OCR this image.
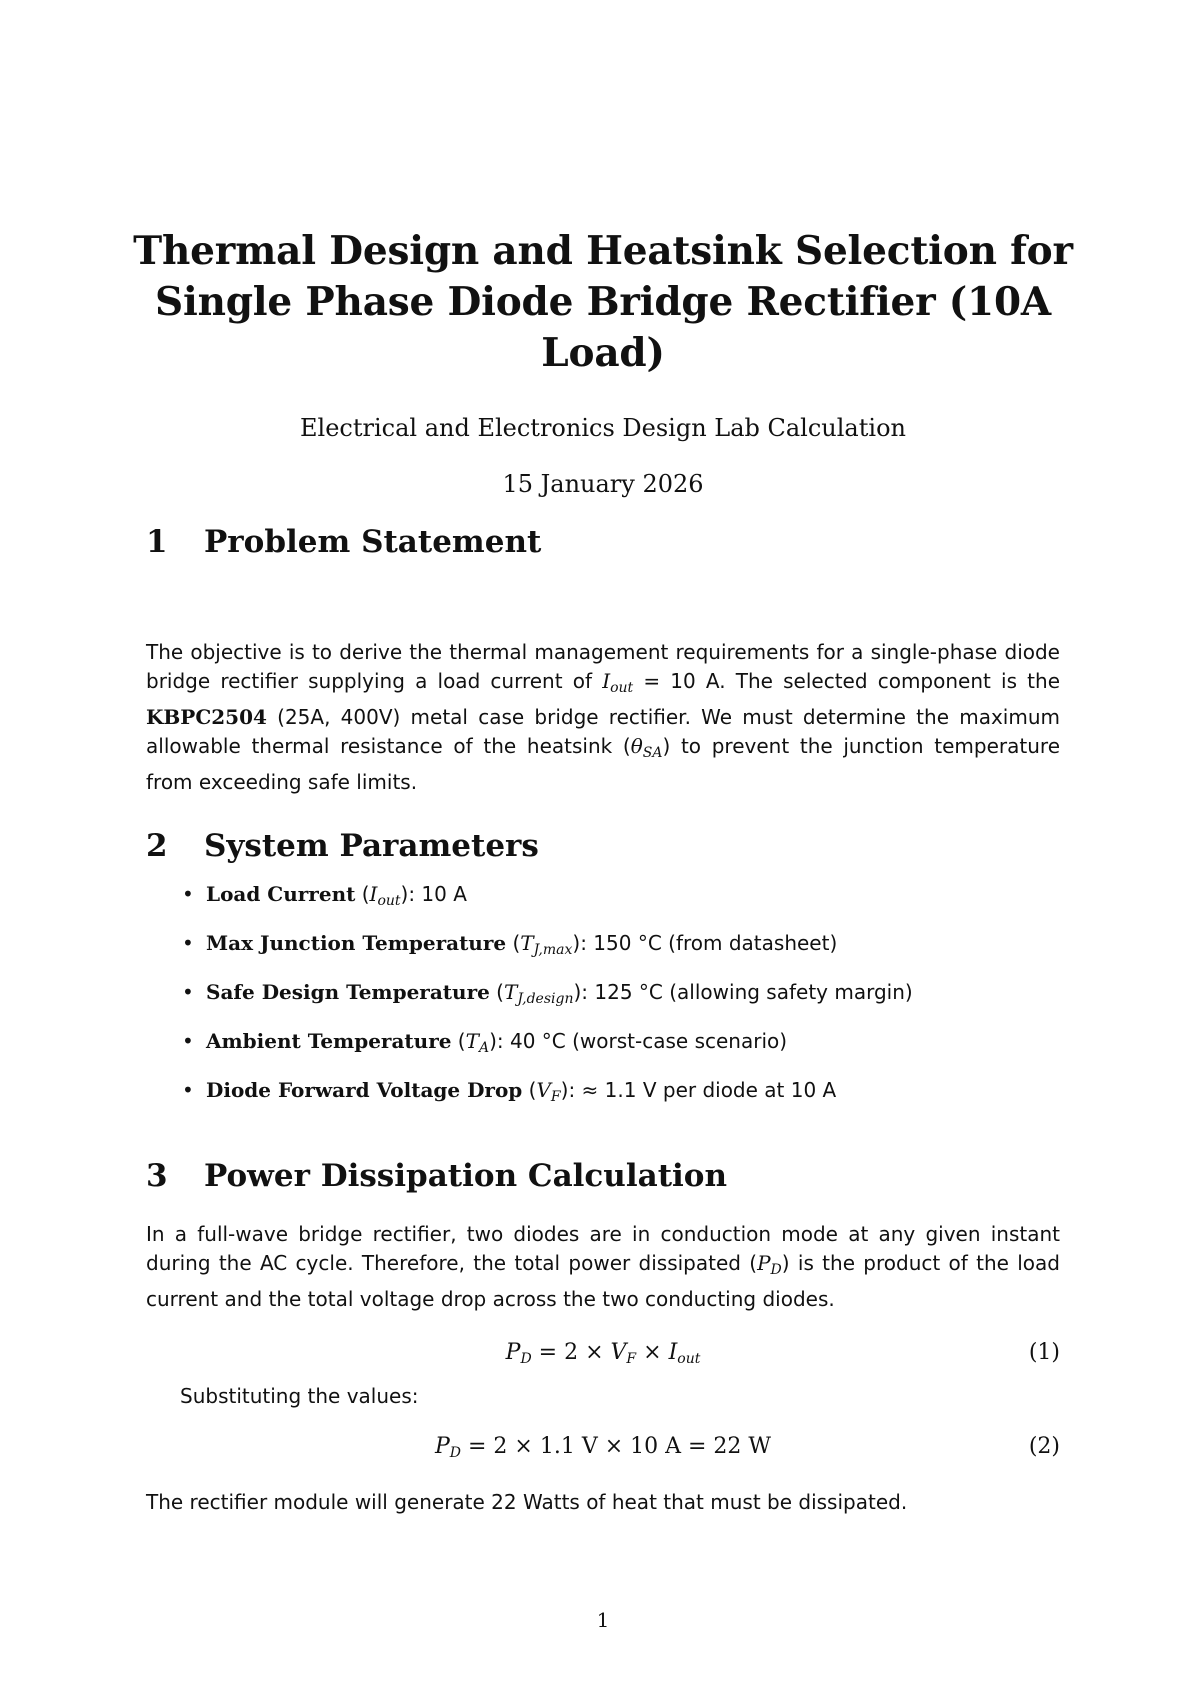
Thermal Design and Heatsink Selection for Single Phase Diode Bridge Rectifier (10A Load)
Electrical and Electronics Design Lab Calculation
15 January 2026
1 Problem Statement

The objective is to derive the thermal management requirements for a single-phase diode bridge rectifier supplying a load current of $I_{out} = 10$ A. The selected component is the KBPC2504 (25A, 400V) metal case bridge rectifier. We must determine the maximum allowable thermal resistance of the heatsink $(\theta_{SA})$ to prevent the junction temperature from exceeding safe limits.

2 System Parameters
• Load Current $(I_{out})$: 10 A
• Max Junction Temperature $(T_{J,max})$: 150 °C (from datasheet)
• Safe Design Temperature $(T_{J,design})$: 125 °C (allowing safety margin)
• Ambient Temperature $(T_A)$: 40 °C (worst-case scenario)
• Diode Forward Voltage Drop $(V_F)$: ≈ 1.1 V per diode at 10 A
3 Power Dissipation Calculation

In a full-wave bridge rectifier, two diodes are in conduction mode at any given instant during the AC cycle. Therefore, the total power dissipated $(P_D)$ is the product of the load current and the total voltage drop across the two conducting diodes.

PD = 2 × VF × Iout	(1)

Substituting the values:

PD = 2 × 1.1 V × 10 A = 22 W	(2)

The rectifier module will generate 22 Watts of heat that must be dissipated.

1
